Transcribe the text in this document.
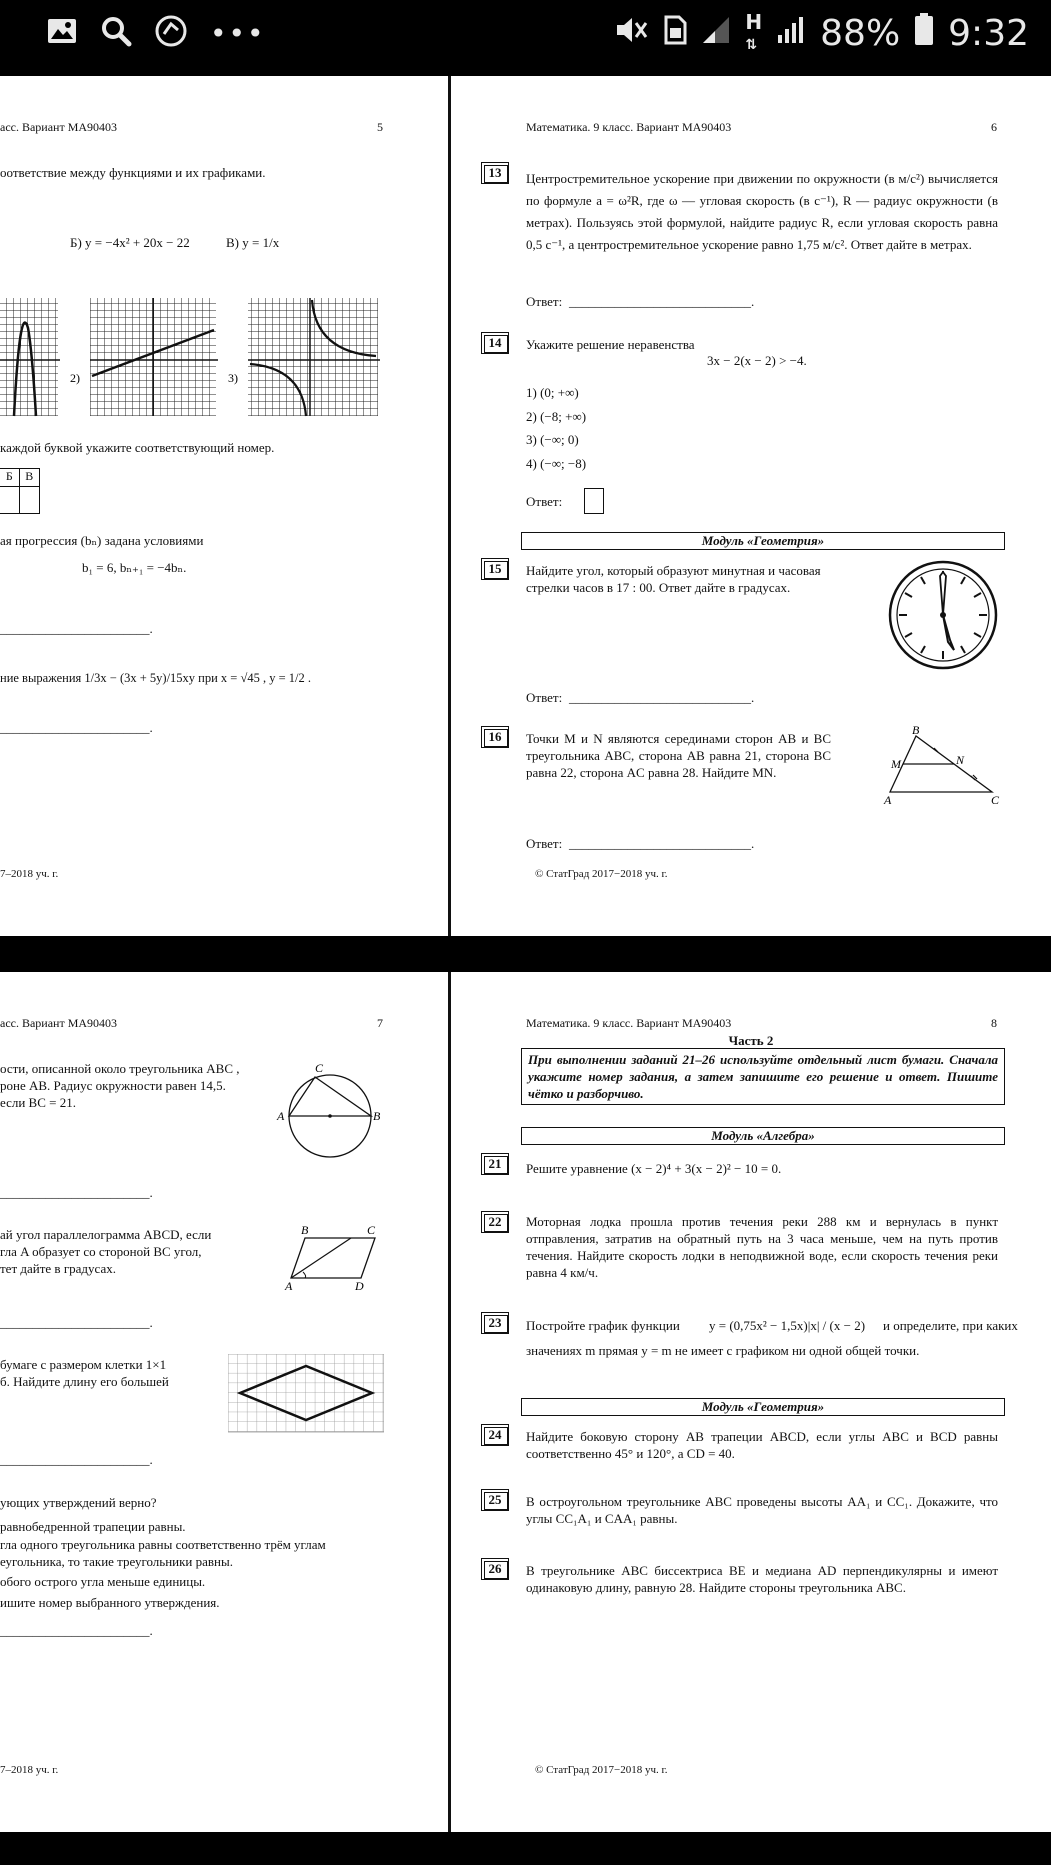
•••	H
⇅ 88% 9:32
асс. Вариант МА90403	5
оответствие между функциями и их графиками.
Б) y = −4x² + 20x − 22	В) y = 1/x
2)	3)
каждой буквой укажите соответствующий номер.
Б	В
ая прогрессия (bₙ) задана условиями
b₁ = 6, bₙ₊₁ = −4bₙ.
_______________________.
ние выражения 1/3x − (3x + 5y)/15xy при x = √45 , y = 1/2 .
_______________________.
7–2018 уч. г.
Математика. 9 класс. Вариант МА90403	6
13	Центростремительное ускорение при движении по окружности (в м/с²) вычисляется по формуле a = ω²R, где ω — угловая скорость (в с⁻¹), R — радиус окружности (в метрах). Пользуясь этой формулой, найдите радиус R, если угловая скорость равна 0,5 с⁻¹, а центростремительное ускорение равно 1,75 м/с². Ответ дайте в метрах.
Ответ: ____________________________.
14	Укажите решение неравенства
3x − 2(x − 2) > −4.
1) (0; +∞)
2) (−8; +∞)
3) (−∞; 0)
4) (−∞; −8)
Ответ:
Модуль «Геометрия»
15	Найдите угол, который образуют минутная и часовая стрелки часов в 17 : 00. Ответ дайте в градусах.
Ответ: ____________________________.
16	Точки M и N являются серединами сторон AB и BC треугольника ABC, сторона AB равна 21, сторона BC равна 22, сторона AC равна 28. Найдите MN.
B
M	N
A	C
Ответ: ____________________________.
© СтатГрад 2017−2018 уч. г.
асс. Вариант МА90403	7
ости, описанной около треугольника ABC ,
роне AB. Радиус окружности равен 14,5.
если BC = 21.
C
A	B
_______________________.
ай угол параллелограмма ABCD, если
гла A образует со стороной BC угол,
тет дайте в градусах.
B	C
A	D
_______________________.
бумаге с размером клетки 1×1
б. Найдите длину его большей
_______________________.
ующих утверждений верно?
равнобедренной трапеции равны.
гла одного треугольника равны соответственно трём углам
еугольника, то такие треугольники равны.
обого острого угла меньше единицы.
ишите номер выбранного утверждения.
_______________________.
7–2018 уч. г.
Математика. 9 класс. Вариант МА90403	8
Часть 2
При выполнении заданий 21–26 используйте отдельный лист бумаги. Сначала укажите номер задания, а затем запишите его решение и ответ. Пишите чётко и разборчиво.
Модуль «Алгебра»
21	Решите уравнение (x − 2)⁴ + 3(x − 2)² − 10 = 0.
22	Моторная лодка прошла против течения реки 288 км и вернулась в пункт отправления, затратив на обратный путь на 3 часа меньше, чем на путь против течения. Найдите скорость лодки в неподвижной воде, если скорость течения реки равна 4 км/ч.
23	Постройте график функции y = (0,75x² − 1,5x)|x| / (x − 2) и определите, при каких
значениях m прямая y = m не имеет с графиком ни одной общей точки.
Модуль «Геометрия»
24	Найдите боковую сторону AB трапеции ABCD, если углы ABC и BCD равны соответственно 45° и 120°, а CD = 40.
25	В остроугольном треугольнике ABC проведены высоты AA₁ и CC₁. Докажите, что углы CC₁A₁ и CAA₁ равны.
26	В треугольнике ABC биссектриса BE и медиана AD перпендикулярны и имеют одинаковую длину, равную 28. Найдите стороны треугольника ABC.
© СтатГрад 2017−2018 уч. г.
